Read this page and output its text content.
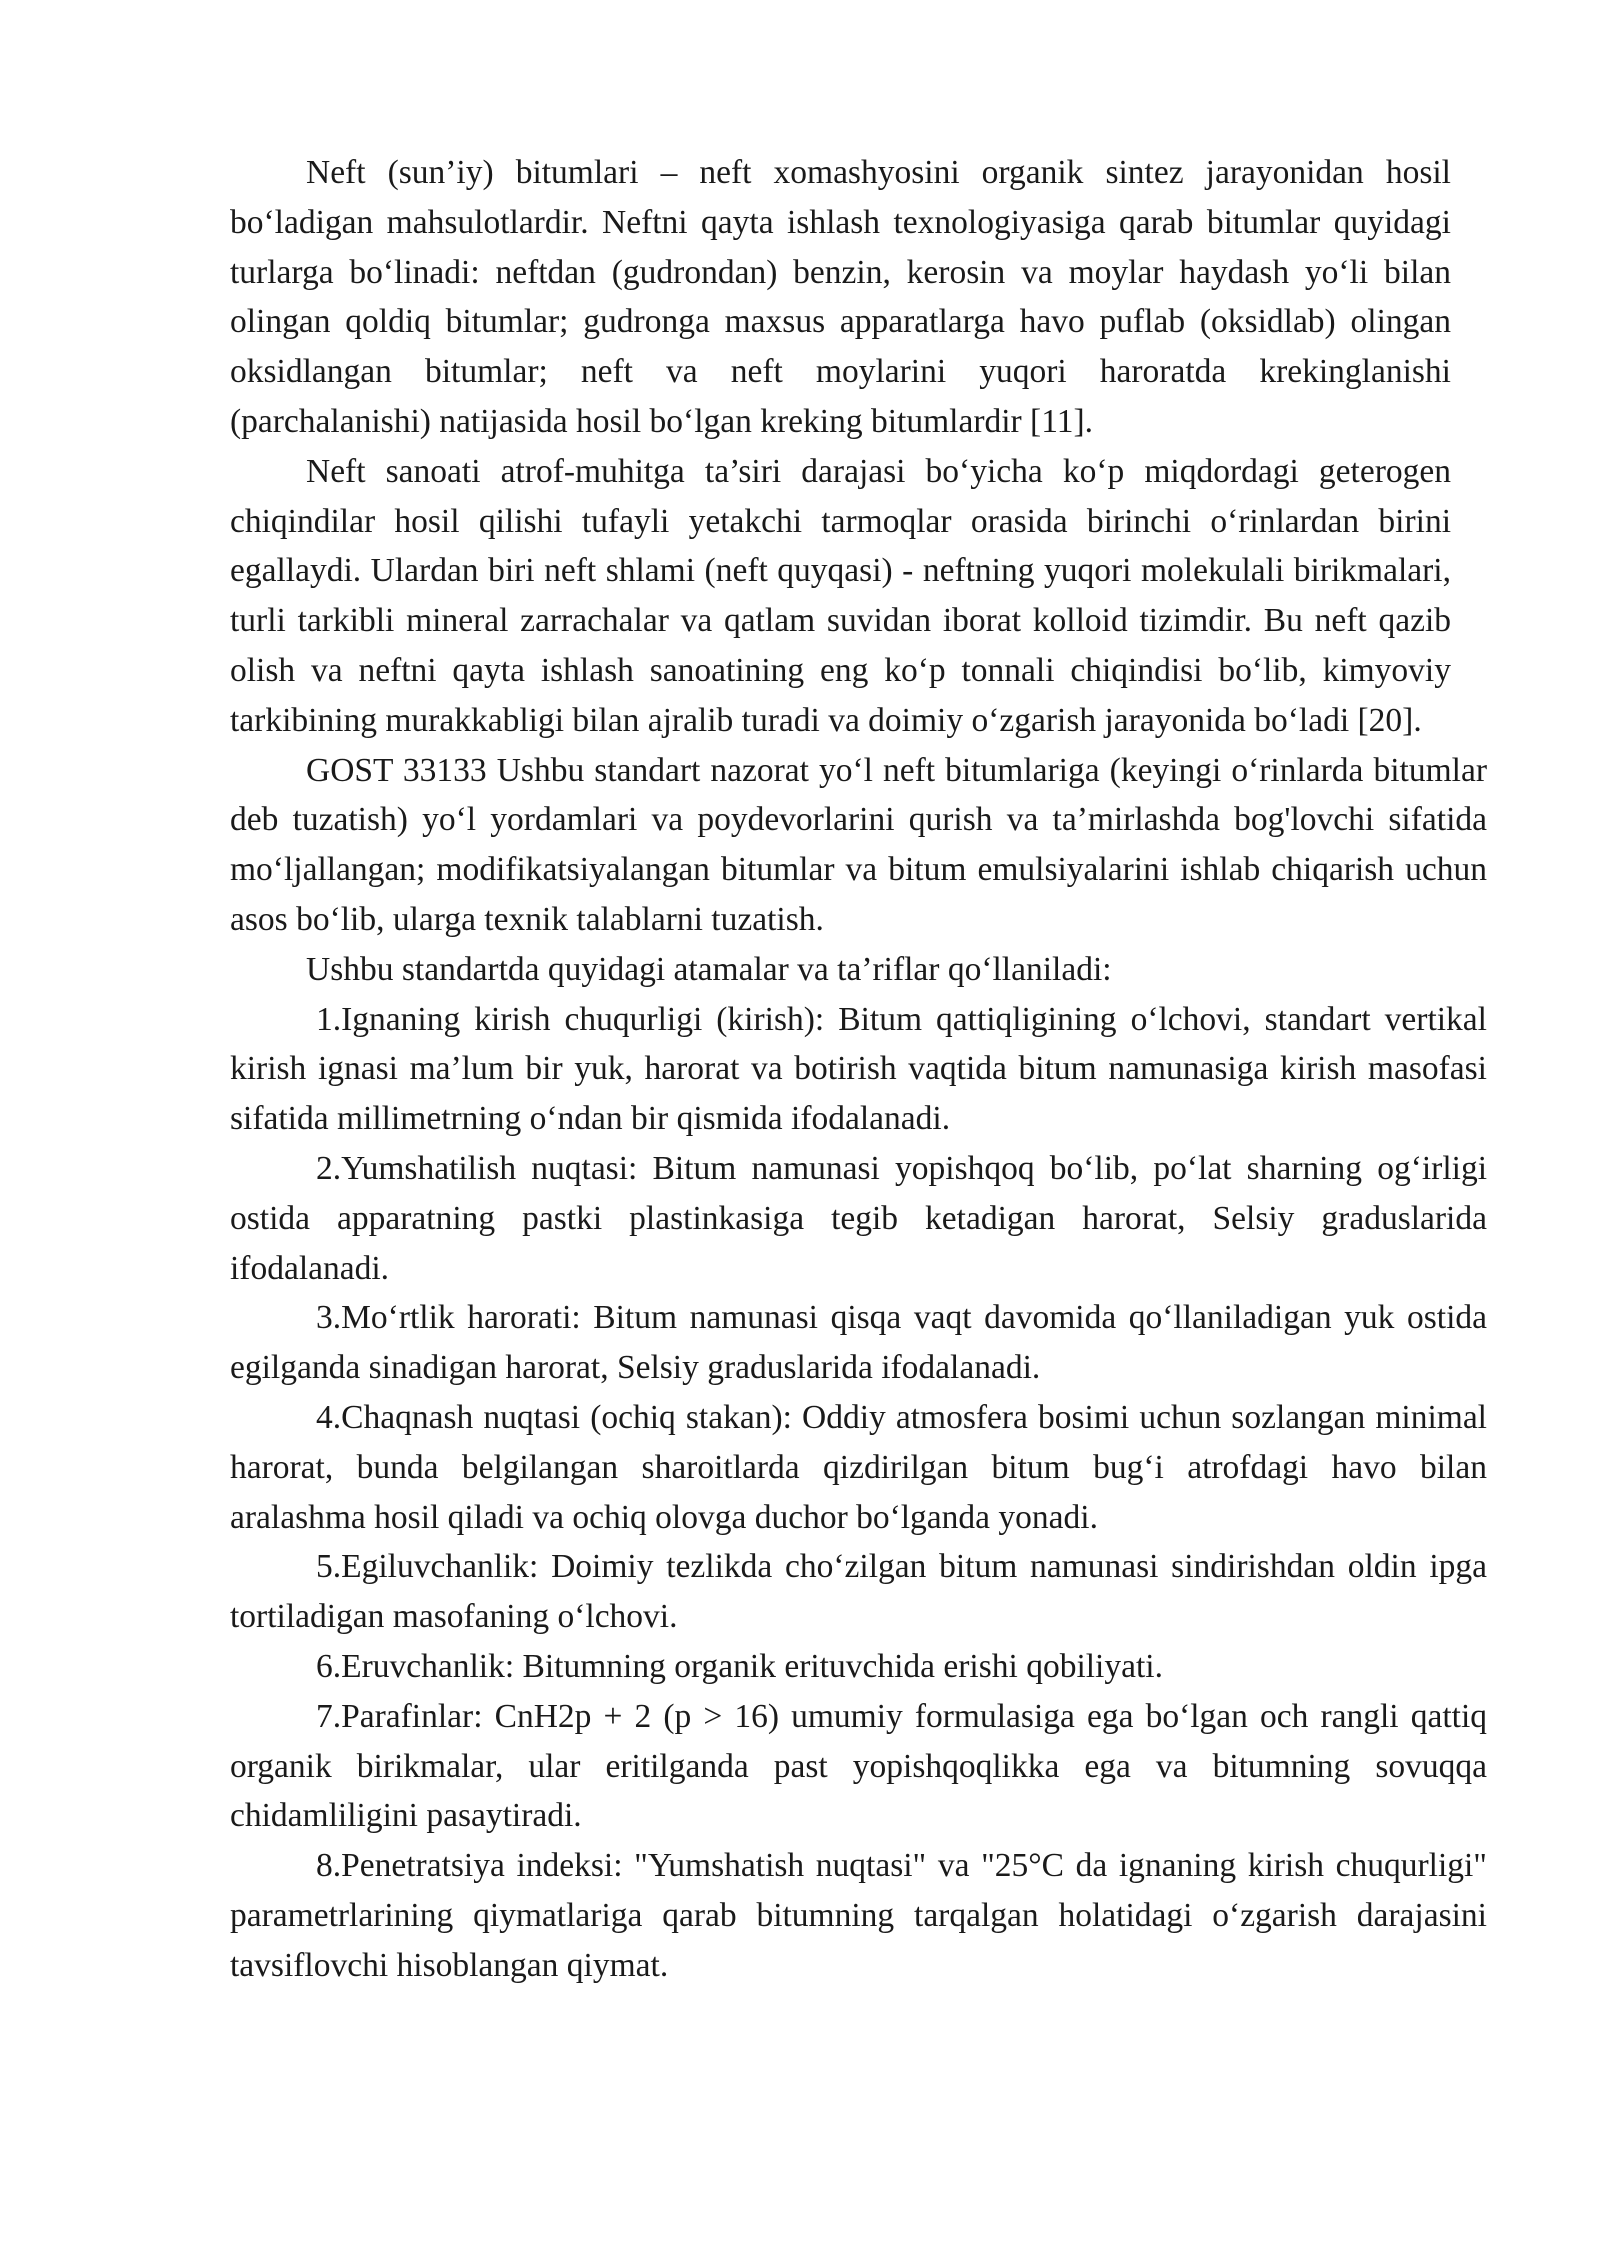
Neft (sun’iy) bitumlari – neft xomashyosini organik sintez jarayonidan hosil bo‘ladigan mahsulotlardir. Neftni qayta ishlash texnologiyasiga qarab bitumlar quyidagi turlarga bo‘linadi: neftdan (gudrondan) benzin, kerosin va moylar haydash yo‘li bilan olingan qoldiq bitumlar; gudronga maxsus apparatlarga havo puflab (oksidlab) olingan oksidlangan bitumlar; neft va neft moylarini yuqori haroratda krekinglanishi (parchalanishi) natijasida hosil bo‘lgan kreking bitumlardir [11].

Neft sanoati atrof-muhitga ta’siri darajasi bo‘yicha ko‘p miqdordagi geterogen chiqindilar hosil qilishi tufayli yetakchi tarmoqlar orasida birinchi o‘rinlardan birini egallaydi. Ulardan biri neft shlami (neft quyqasi) - neftning yuqori molekulali birikmalari, turli tarkibli mineral zarrachalar va qatlam suvidan iborat kolloid tizimdir. Bu neft qazib olish va neftni qayta ishlash sanoatining eng ko‘p tonnali chiqindisi bo‘lib, kimyoviy tarkibining murakkabligi bilan ajralib turadi va doimiy o‘zgarish jarayonida bo‘ladi [20].

GOST 33133 Ushbu standart nazorat yo‘l neft bitumlariga (keyingi o‘rinlarda bitumlar deb tuzatish) yo‘l yordamlari va poydevorlarini qurish va ta’mirlashda bog'lovchi sifatida mo‘ljallangan; modifikatsiyalangan bitumlar va bitum emulsiyalarini ishlab chiqarish uchun asos bo‘lib, ularga texnik talablarni tuzatish.

Ushbu standartda quyidagi atamalar va ta’riflar qo‘llaniladi:

1.Ignaning kirish chuqurligi (kirish): Bitum qattiqligining o‘lchovi, standart vertikal kirish ignasi ma’lum bir yuk, harorat va botirish vaqtida bitum namunasiga kirish masofasi sifatida millimetrning o‘ndan bir qismida ifodalanadi.

2.Yumshatilish nuqtasi: Bitum namunasi yopishqoq bo‘lib, po‘lat sharning og‘irligi ostida apparatning pastki plastinkasiga tegib ketadigan harorat, Selsiy graduslarida ifodalanadi.

3.Mo‘rtlik harorati: Bitum namunasi qisqa vaqt davomida qo‘llaniladigan yuk ostida egilganda sinadigan harorat, Selsiy graduslarida ifodalanadi.

4.Chaqnash nuqtasi (ochiq stakan): Oddiy atmosfera bosimi uchun sozlangan minimal harorat, bunda belgilangan sharoitlarda qizdirilgan bitum bug‘i atrofdagi havo bilan aralashma hosil qiladi va ochiq olovga duchor bo‘lganda yonadi.

5.Egiluvchanlik: Doimiy tezlikda cho‘zilgan bitum namunasi sindirishdan oldin ipga tortiladigan masofaning o‘lchovi.

6.Eruvchanlik: Bitumning organik erituvchida erishi qobiliyati.

7.Parafinlar: CnH2p + 2 (p > 16) umumiy formulasiga ega bo‘lgan och rangli qattiq organik birikmalar, ular eritilganda past yopishqoqlikka ega va bitumning sovuqqa chidamliligini pasaytiradi.

8.Penetratsiya indeksi: "Yumshatish nuqtasi" va "25°C da ignaning kirish chuqurligi" parametrlarining qiymatlariga qarab bitumning tarqalgan holatidagi o‘zgarish darajasini tavsiflovchi hisoblangan qiymat.
